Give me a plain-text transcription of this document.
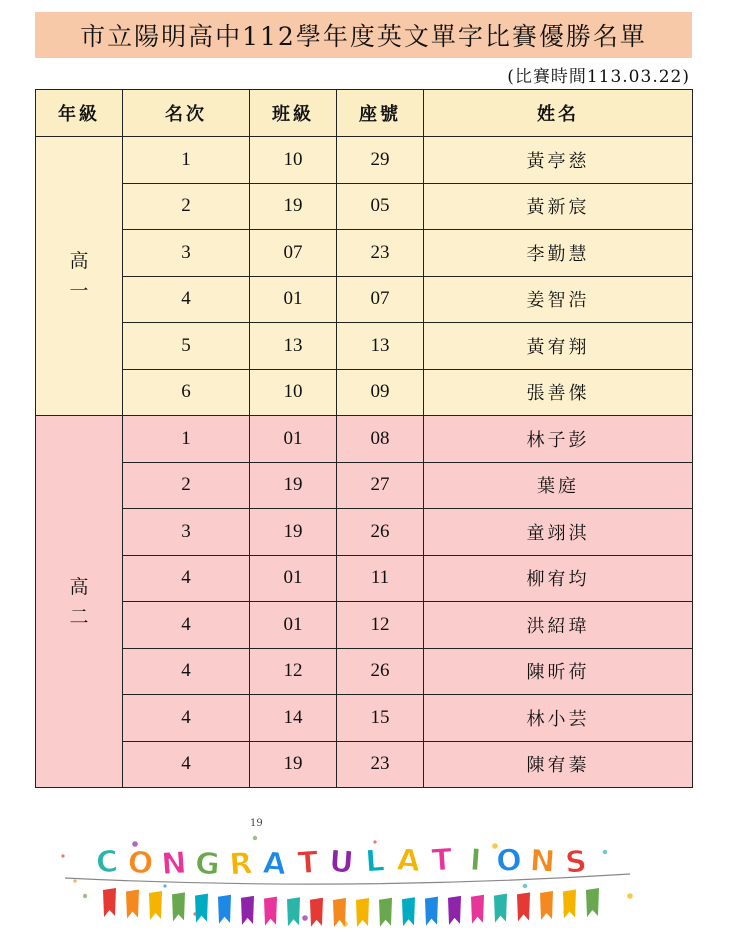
市立陽明高中112學年度英文單字比賽優勝名單
(比賽時間113.03.22)
年級	名次	班級	座號	姓名
高
一	1	10	29	黃亭慈
	2	19	05	黃新宸
	3	07	23	李勤慧
	4	01	07	姜智浩
	5	13	13	黃宥翔
	6	10	09	張善傑
高
二	1	01	08	林子彭
	2	19	27	葉庭
	3	19	26	童翊淇
	4	01	11	柳宥均
	4	01	12	洪紹瑋
	4	12	26	陳昕荷
	4	14	15	林小芸
	4	19	23	陳宥蓁
19
C O N G R A T U L A T I O N S
